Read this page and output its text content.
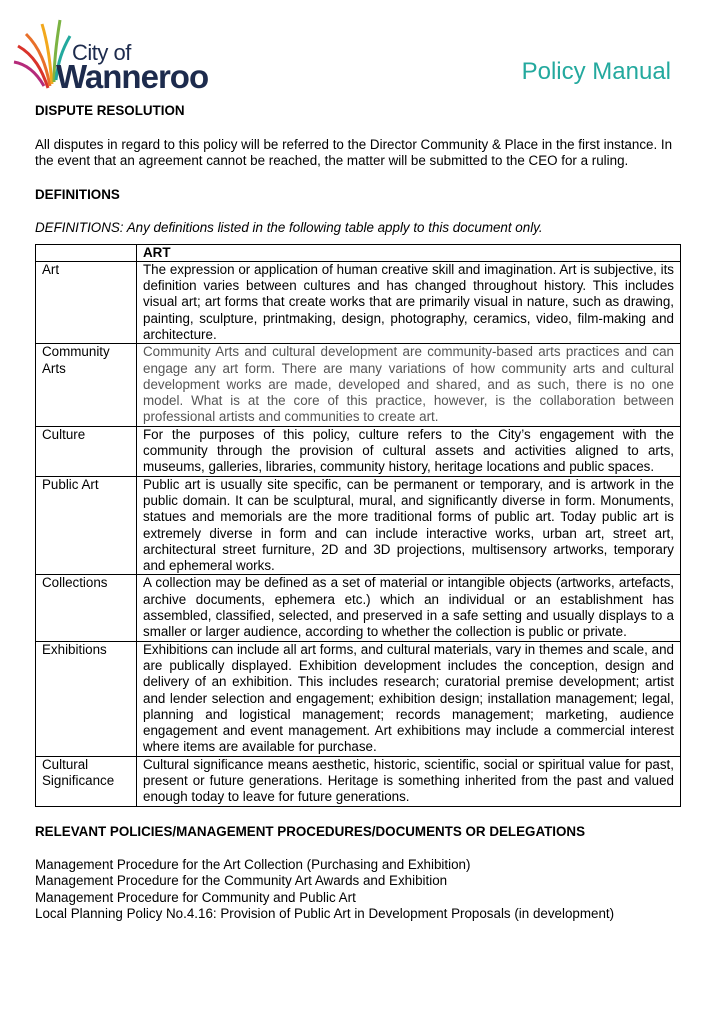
City of
Wanneroo	Policy Manual
DISPUTE RESOLUTION

All disputes in regard to this policy will be referred to the Director Community & Place in the first instance. In the event that an agreement cannot be reached, the matter will be submitted to the CEO for a ruling.

DEFINITIONS

DEFINITIONS: Any definitions listed in the following table apply to this document only.

	ART
Art	The expression or application of human creative skill and imagination. Art is subjective, its definition varies between cultures and has changed throughout history. This includes visual art; art forms that create works that are primarily visual in nature, such as drawing, painting, sculpture, printmaking, design, photography, ceramics, video, film-making and architecture.
Community Arts	Community Arts and cultural development are community-based arts practices and can engage any art form. There are many variations of how community arts and cultural development works are made, developed and shared, and as such, there is no one model. What is at the core of this practice, however, is the collaboration between professional artists and communities to create art.
Culture	For the purposes of this policy, culture refers to the City’s engagement with the community through the provision of cultural assets and activities aligned to arts, museums, galleries, libraries, community history, heritage locations and public spaces.
Public Art	Public art is usually site specific, can be permanent or temporary, and is artwork in the public domain. It can be sculptural, mural, and significantly diverse in form. Monuments, statues and memorials are the more traditional forms of public art. Today public art is extremely diverse in form and can include interactive works, urban art, street art, architectural street furniture, 2D and 3D projections, multisensory artworks, temporary and ephemeral works.
Collections	A collection may be defined as a set of material or intangible objects (artworks, artefacts, archive documents, ephemera etc.) which an individual or an establishment has assembled, classified, selected, and preserved in a safe setting and usually displays to a smaller or larger audience, according to whether the collection is public or private.
Exhibitions	Exhibitions can include all art forms, and cultural materials, vary in themes and scale, and are publically displayed. Exhibition development includes the conception, design and delivery of an exhibition. This includes research; curatorial premise development; artist and lender selection and engagement; exhibition design; installation management; legal, planning and logistical management; records management; marketing, audience engagement and event management. Art exhibitions may include a commercial interest where items are available for purchase.
Cultural Significance	Cultural significance means aesthetic, historic, scientific, social or spiritual value for past, present or future generations. Heritage is something inherited from the past and valued enough today to leave for future generations.
RELEVANT POLICIES/MANAGEMENT PROCEDURES/DOCUMENTS OR DELEGATIONS

Management Procedure for the Art Collection (Purchasing and Exhibition)

Management Procedure for the Community Art Awards and Exhibition

Management Procedure for Community and Public Art

Local Planning Policy No.4.16: Provision of Public Art in Development Proposals (in development)
